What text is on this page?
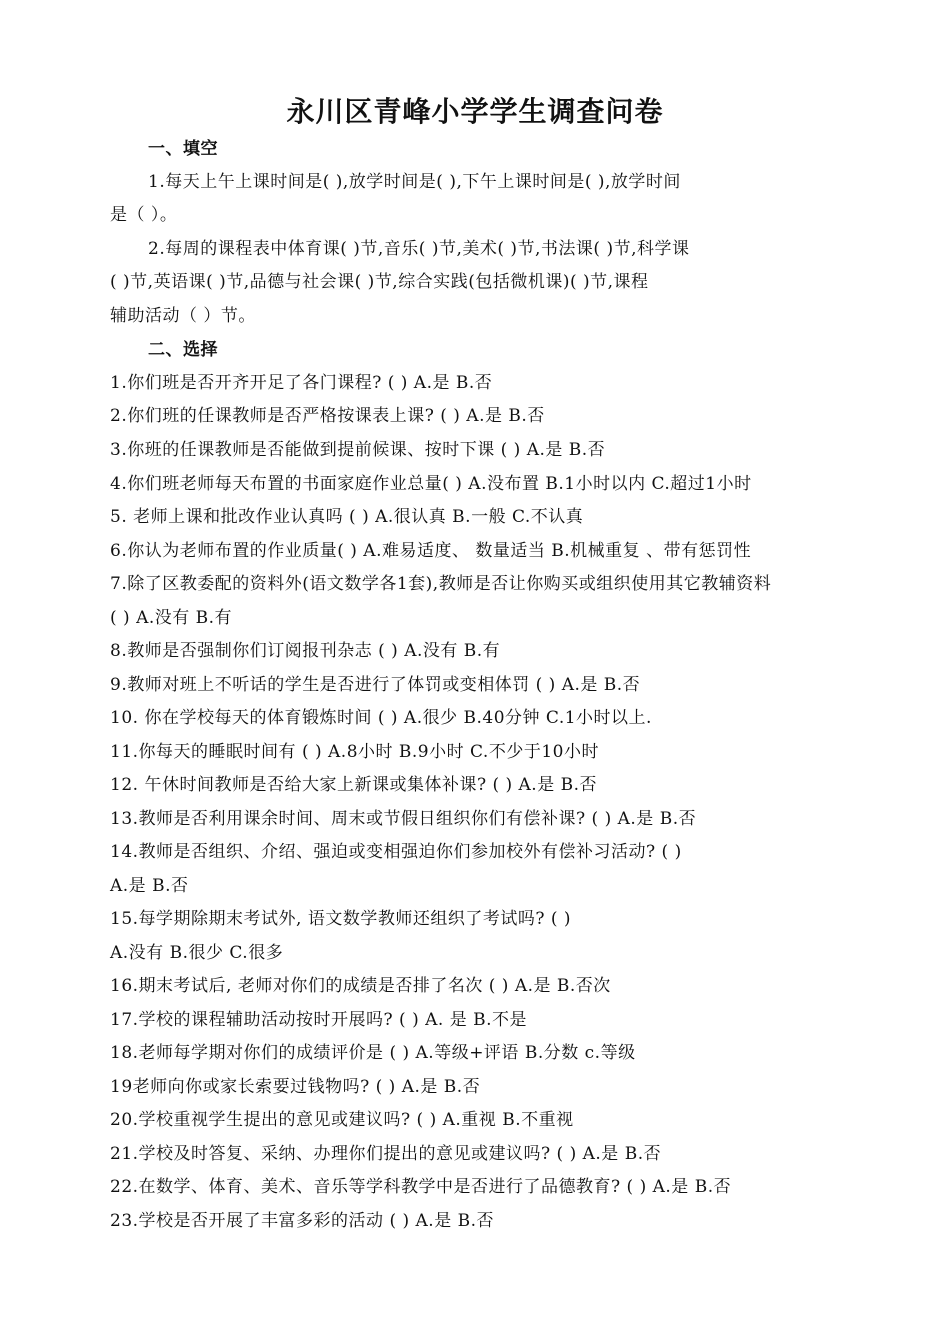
永川区青峰小学学生调查问卷
一、填空
1.每天上午上课时间是( ),放学时间是( ),下午上课时间是( ),放学时间
是（ ）。
2.每周的课程表中体育课( )节,音乐( )节,美术( )节,书法课( )节,科学课
( )节,英语课( )节,品德与社会课( )节,综合实践(包括微机课)( )节,课程
辅助活动（ ）节。
二、选择
1.你们班是否开齐开足了各门课程? ( ) A.是 B.否
2.你们班的任课教师是否严格按课表上课? ( ) A.是 B.否
3.你班的任课教师是否能做到提前候课、按时下课 ( ) A.是 B.否
4.你们班老师每天布置的书面家庭作业总量( ) A.没布置 B.1小时以内 C.超过1小时
5. 老师上课和批改作业认真吗 ( ) A.很认真 B.一般 C.不认真
6.你认为老师布置的作业质量( ) A.难易适度、 数量适当 B.机械重复 、带有惩罚性
7.除了区教委配的资料外(语文数学各1套),教师是否让你购买或组织使用其它教辅资料
( ) A.没有 B.有
8.教师是否强制你们订阅报刊杂志 ( ) A.没有 B.有
9.教师对班上不听话的学生是否进行了体罚或变相体罚 ( ) A.是 B.否
10. 你在学校每天的体育锻炼时间 ( ) A.很少 B.40分钟 C.1小时以上.
11.你每天的睡眠时间有 ( ) A.8小时 B.9小时 C.不少于10小时
12. 午休时间教师是否给大家上新课或集体补课? ( ) A.是 B.否
13.教师是否利用课余时间、周末或节假日组织你们有偿补课? ( ) A.是 B.否
14.教师是否组织、介绍、强迫或变相强迫你们参加校外有偿补习活动? ( )
A.是 B.否
15.每学期除期末考试外, 语文数学教师还组织了考试吗? ( )
A.没有 B.很少 C.很多
16.期末考试后, 老师对你们的成绩是否排了名次 ( ) A.是 B.否次
17.学校的课程辅助活动按时开展吗? ( ) A. 是 B.不是
18.老师每学期对你们的成绩评价是 ( ) A.等级+评语 B.分数 c.等级
19老师向你或家长索要过钱物吗? ( ) A.是 B.否
20.学校重视学生提出的意见或建议吗? ( ) A.重视 B.不重视
21.学校及时答复、采纳、办理你们提出的意见或建议吗? ( ) A.是 B.否
22.在数学、体育、美术、音乐等学科教学中是否进行了品德教育? ( ) A.是 B.否
23.学校是否开展了丰富多彩的活动 ( ) A.是 B.否
